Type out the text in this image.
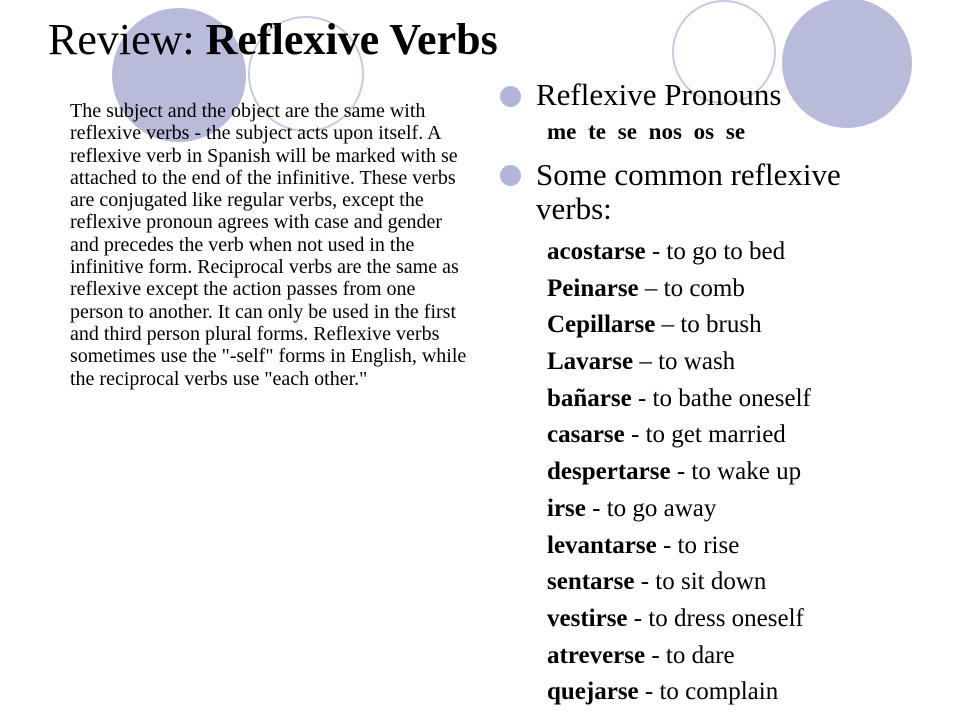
Review: Reflexive Verbs
The subject and the object are the same with reflexive verbs - the subject acts upon itself. A reflexive verb in Spanish will be marked with se attached to the end of the infinitive. These verbs are conjugated like regular verbs, except the reflexive pronoun agrees with case and gender and precedes the verb when not used in the infinitive form. Reciprocal verbs are the same as reflexive except the action passes from one person to another. It can only be used in the first and third person plural forms. Reflexive verbs sometimes use the "-self" forms in English, while the reciprocal verbs use "each other."
Reflexive Pronouns
me te se nos os se
Some common reflexive
verbs:
acostarse - to go to bed
Peinarse – to comb
Cepillarse – to brush
Lavarse – to wash
bañarse - to bathe oneself
casarse - to get married
despertarse - to wake up
irse - to go away
levantarse - to rise
sentarse - to sit down
vestirse - to dress oneself
atreverse - to dare
quejarse - to complain
